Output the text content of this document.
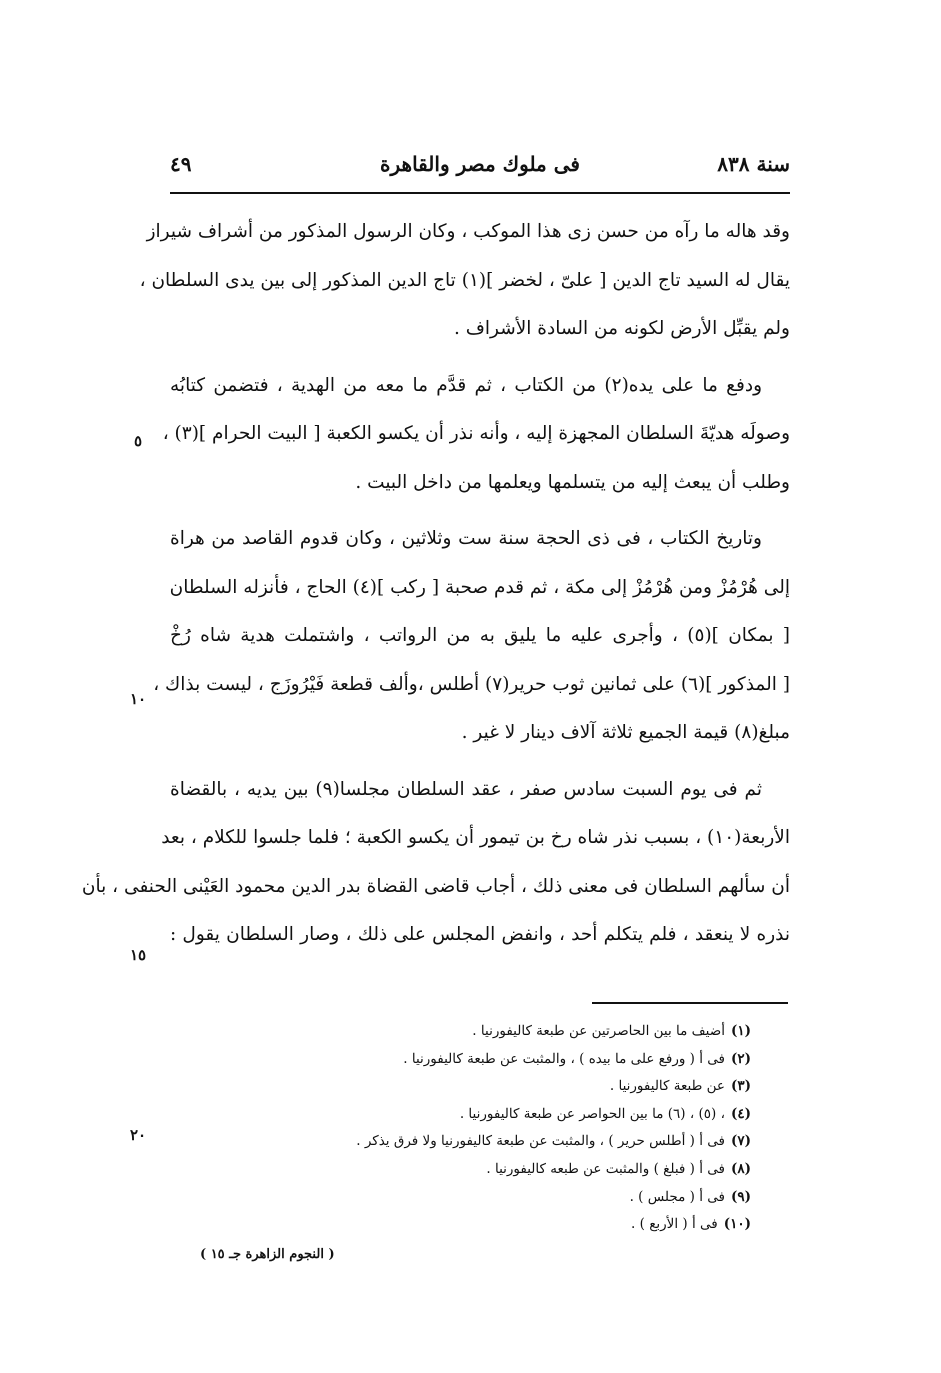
سنة ٨٣٨
فى ملوك مصر والقاهرة
٤٩
وقد هاله ما رآه من حسن زى هذا الموكب ، وكان الرسول المذكور من أشراف شيراز
يقال له السيد تاج الدين [ علىّ ، لخضر ](١) تاج الدين المذكور إلى بين يدى السلطان ،
ولم يقبِّل الأرض لكونه من السادة الأشراف .
ودفع ما على يده(٢) من الكتاب ، ثم قدَّم ما معه من الهدية ، فتضمن كتابُه
وصولَه هديّةَ السلطان المجهزة إليه ، وأنه نذر أن يكسو الكعبة [ البيت الحرام ](٣) ،
وطلب أن يبعث إليه من يتسلمها ويعلمها من داخل البيت .
وتاريخ الكتاب ، فى ذى الحجة سنة ست وثلاثين ، وكان قدوم القاصد من هراة
إلى هُرْمُزْ ومن هُرْمُزْ إلى مكة ، ثم قدم صحبة [ ركب ](٤) الحاج ، فأنزله السلطان
[ بمكان ](٥) ، وأجرى عليه ما يليق به من الرواتب ، واشتملت هدية شاه رُخْ
[ المذكور ](٦) على ثمانين ثوب حرير(٧) أطلس ،وألف قطعة فَيْرُوزَج ، ليست بذاك ،
مبلغ(٨) قيمة الجميع ثلاثة آلاف دينار لا غير .
ثم فى يوم السبت سادس صفر ، عقد السلطان مجلسا(٩) بين يديه ، بالقضاة
الأربعة(١٠) ، بسبب نذر شاه رخ بن تيمور أن يكسو الكعبة ؛ فلما جلسوا للكلام ، بعد
أن سألهم السلطان فى معنى ذلك ، أجاب قاضى القضاة بدر الدين محمود العَيْنى الحنفى ، بأن
نذره لا ينعقد ، فلم يتكلم أحد ، وانفض المجلس على ذلك ، وصار السلطان يقول :
٥
١٠
١٥
٢٠
(١)أضيف ما بين الحاصرتين عن طبعة كاليفورنيا .
(٢)فى أ ( ورفع على ما بيده ) ، والمثبت عن طبعة كاليفورنيا .
(٣)عن طبعة كاليفورنيا .
(٤)، (٥) ، (٦) ما بين الحواصر عن طبعة كاليفورنيا .
(٧)فى أ ( أطلس حرير ) ، والمثبت عن طبعة كاليفورنيا ولا فرق يذكر .
(٨)فى أ ( فبلغ ) والمثبت عن طبعه كاليفورنيا .
(٩)فى أ ( مجلس ) .
(١٠)فى أ ( الأربع ) .
( النجوم الزاهرة جـ ١٥ )
